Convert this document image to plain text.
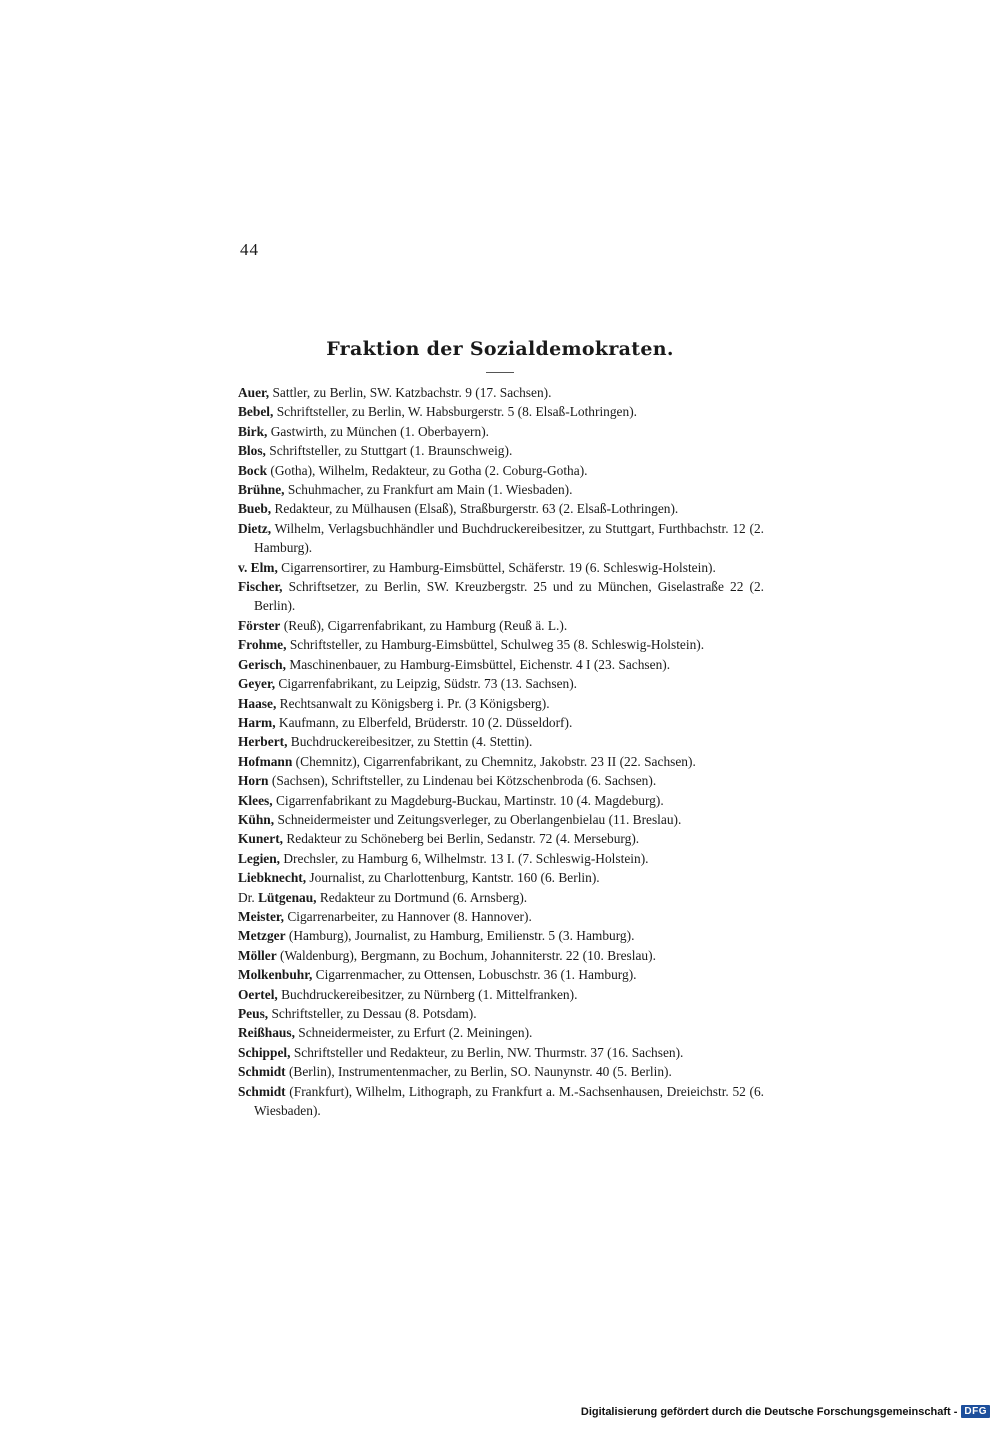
44
Fraktion der Sozialdemokraten.
Auer, Sattler, zu Berlin, SW. Katzbachstr. 9 (17. Sachsen).
Bebel, Schriftsteller, zu Berlin, W. Habsburgerstr. 5 (8. Elsaß-Lothringen).
Birk, Gastwirth, zu München (1. Oberbayern).
Blos, Schriftsteller, zu Stuttgart (1. Braunschweig).
Bock (Gotha), Wilhelm, Redakteur, zu Gotha (2. Coburg-Gotha).
Brühne, Schuhmacher, zu Frankfurt am Main (1. Wiesbaden).
Bueb, Redakteur, zu Mülhausen (Elsaß), Straßburgerstr. 63 (2. Elsaß-Lothringen).
Dietz, Wilhelm, Verlagsbuchhändler und Buchdruckereibesitzer, zu Stuttgart, Furthbachstr. 12 (2. Hamburg).
v. Elm, Cigarrensortirer, zu Hamburg-Eimsbüttel, Schäferstr. 19 (6. Schleswig-Holstein).
Fischer, Schriftsetzer, zu Berlin, SW. Kreuzbergstr. 25 und zu München, Giselastraße 22 (2. Berlin).
Förster (Reuß), Cigarrenfabrikant, zu Hamburg (Reuß ä. L.).
Frohme, Schriftsteller, zu Hamburg-Eimsbüttel, Schulweg 35 (8. Schleswig-Holstein).
Gerisch, Maschinenbauer, zu Hamburg-Eimsbüttel, Eichenstr. 4 I (23. Sachsen).
Geyer, Cigarrenfabrikant, zu Leipzig, Südstr. 73 (13. Sachsen).
Haase, Rechtsanwalt zu Königsberg i. Pr. (3 Königsberg).
Harm, Kaufmann, zu Elberfeld, Brüderstr. 10 (2. Düsseldorf).
Herbert, Buchdruckereibesitzer, zu Stettin (4. Stettin).
Hofmann (Chemnitz), Cigarrenfabrikant, zu Chemnitz, Jakobstr. 23 II (22. Sachsen).
Horn (Sachsen), Schriftsteller, zu Lindenau bei Kötzschenbroda (6. Sachsen).
Klees, Cigarrenfabrikant zu Magdeburg-Buckau, Martinstr. 10 (4. Magdeburg).
Kühn, Schneidermeister und Zeitungsverleger, zu Oberlangenbielau (11. Breslau).
Kunert, Redakteur zu Schöneberg bei Berlin, Sedanstr. 72 (4. Merseburg).
Legien, Drechsler, zu Hamburg 6, Wilhelmstr. 13 I. (7. Schleswig-Holstein).
Liebknecht, Journalist, zu Charlottenburg, Kantstr. 160 (6. Berlin).
Dr. Lütgenau, Redakteur zu Dortmund (6. Arnsberg).
Meister, Cigarrenarbeiter, zu Hannover (8. Hannover).
Metzger (Hamburg), Journalist, zu Hamburg, Emilienstr. 5 (3. Hamburg).
Möller (Waldenburg), Bergmann, zu Bochum, Johanniterstr. 22 (10. Breslau).
Molkenbuhr, Cigarrenmacher, zu Ottensen, Lobuschstr. 36 (1. Hamburg).
Oertel, Buchdruckereibesitzer, zu Nürnberg (1. Mittelfranken).
Peus, Schriftsteller, zu Dessau (8. Potsdam).
Reißhaus, Schneidermeister, zu Erfurt (2. Meiningen).
Schippel, Schriftsteller und Redakteur, zu Berlin, NW. Thurmstr. 37 (16. Sachsen).
Schmidt (Berlin), Instrumentenmacher, zu Berlin, SO. Naunynstr. 40 (5. Berlin).
Schmidt (Frankfurt), Wilhelm, Lithograph, zu Frankfurt a. M.-Sachsenhausen, Dreieichstr. 52 (6. Wiesbaden).
Digitalisierung gefördert durch die Deutsche Forschungsgemeinschaft - DFG
